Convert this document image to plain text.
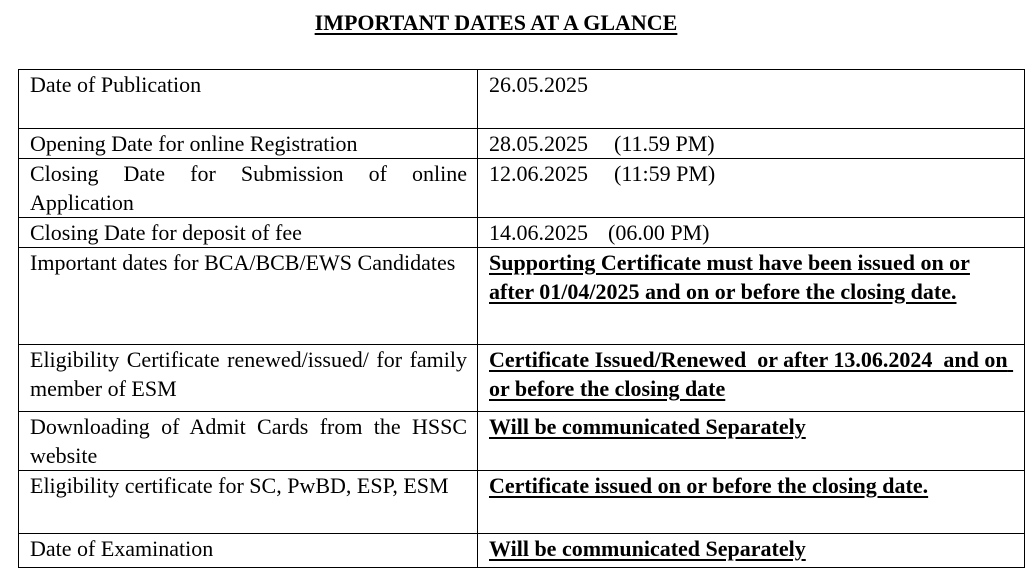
IMPORTANT DATES AT A GLANCE
Date of Publication	26.05.2025
Opening Date for online Registration	28.05.2025 (11.59 PM)
Closing Date for Submission of online Application	12.06.2025 (11:59 PM)
Closing Date for deposit of fee	14.06.2025 (06.00 PM)
Important dates for BCA/BCB/EWS Candidates	Supporting Certificate must have been issued on or after 01/04/2025 and on or before the closing date.
Eligibility Certificate renewed/issued/ for family member of ESM	Certificate Issued/Renewed  or after 13.06.2024  and on or before the closing date
Downloading of Admit Cards from the HSSC website	Will be communicated Separately
Eligibility certificate for SC, PwBD, ESP, ESM	Certificate issued on or before the closing date.
Date of Examination	Will be communicated Separately
